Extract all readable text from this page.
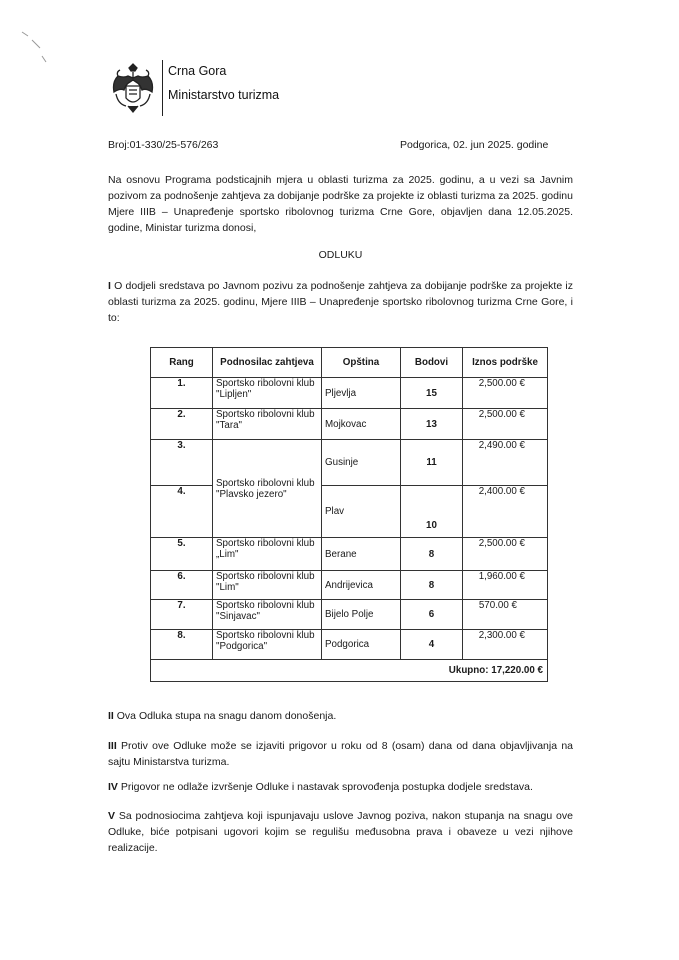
Crna Gora
Ministarstvo turizma
Broj:01-330/25-576/263	Podgorica, 02. jun 2025. godine
Na osnovu Programa podsticajnih mjera u oblasti turizma za 2025. godinu, a u vezi sa Javnim pozivom za podnošenje zahtjeva za dobijanje podrške za projekte iz oblasti turizma za 2025. godinu Mjere IIIB – Unapređenje sportsko ribolovnog turizma Crne Gore, objavljen dana 12.05.2025. godine, Ministar turizma donosi,
ODLUKU
I O dodjeli sredstava po Javnom pozivu za podnošenje zahtjeva za dobijanje podrške za projekte iz oblasti turizma za 2025. godinu, Mjere IIIB – Unapređenje sportsko ribolovnog turizma Crne Gore, i to:
Rang	Podnosilac zahtjeva	Opština	Bodovi	Iznos podrške
1.	Sportsko ribolovni klub "Lipljen"	Pljevlja	15	2,500.00 €
2.	Sportsko ribolovni klub "Tara"	Mojkovac	13	2,500.00 €
3.	Sportsko ribolovni klub "Plavsko jezero"	Gusinje	11	2,490.00 €
4.		Plav	10	2,400.00 €
5.	Sportsko ribolovni klub „Lim"	Berane	8	2,500.00 €
6.	Sportsko ribolovni klub "Lim"	Andrijevica	8	1,960.00 €
7.	Sportsko ribolovni klub "Sinjavac"	Bijelo Polje	6	570.00 €
8.	Sportsko ribolovni klub "Podgorica"	Podgorica	4	2,300.00 €
Ukupno: 17,220.00 €				
II Ova Odluka stupa na snagu danom donošenja.
III Protiv ove Odluke može se izjaviti prigovor u roku od 8 (osam) dana od dana objavljivanja na sajtu Ministarstva turizma.
IV Prigovor ne odlaže izvršenje Odluke i nastavak sprovođenja postupka dodjele sredstava.
V Sa podnosiocima zahtjeva koji ispunjavaju uslove Javnog poziva, nakon stupanja na snagu ove Odluke, biće potpisani ugovori kojim se regulišu međusobna prava i obaveze u vezi njihove realizacije.
